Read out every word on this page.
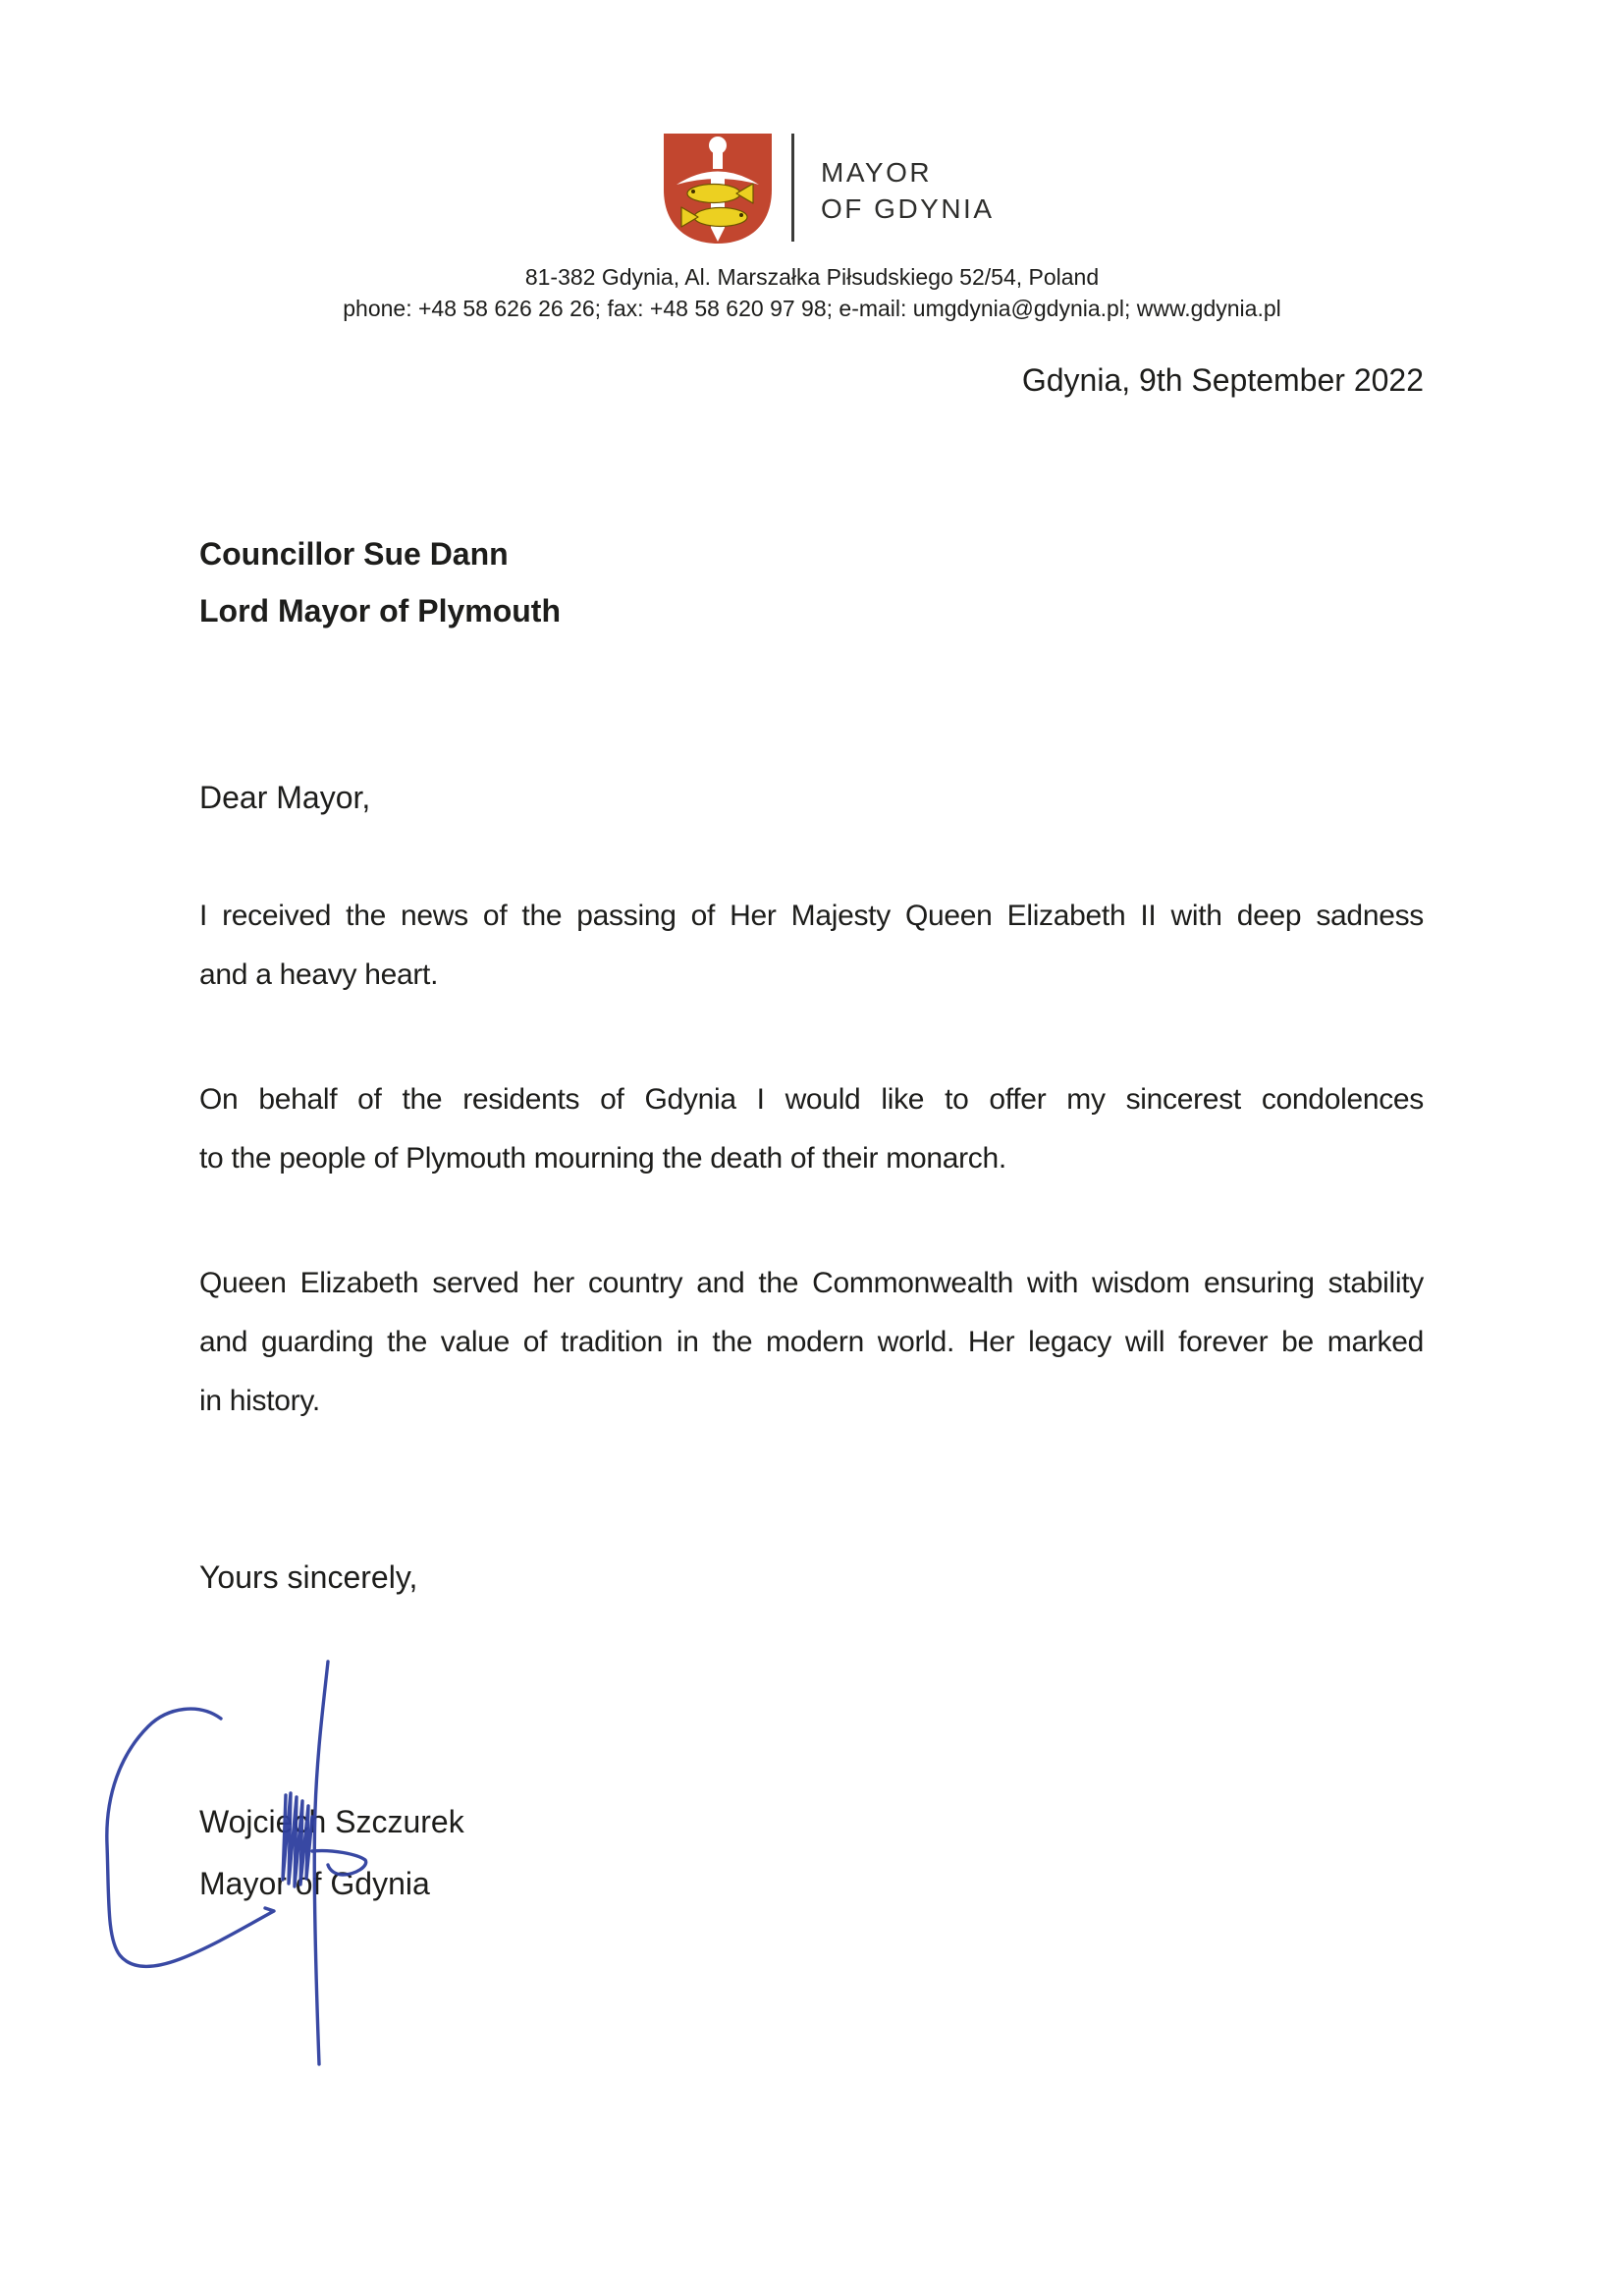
MAYOR
OF GDYNIA
81-382 Gdynia, Al. Marszałka Piłsudskiego 52/54, Poland
phone: +48 58 626 26 26; fax: +48 58 620 97 98; e-mail: umgdynia@gdynia.pl; www.gdynia.pl
Gdynia, 9th September 2022
Councillor Sue Dann
Lord Mayor of Plymouth
Dear Mayor,
I received the news of the passing of Her Majesty Queen Elizabeth II with deep sadness
and a heavy heart.
On behalf of the residents of Gdynia I would like to offer my sincerest condolences
to the people of Plymouth mourning the death of their monarch.
Queen Elizabeth served her country and the Commonwealth with wisdom ensuring stability
and guarding the value of tradition in the modern world. Her legacy will forever be marked
in history.
Yours sincerely,
Wojciech Szczurek
Mayor of Gdynia
